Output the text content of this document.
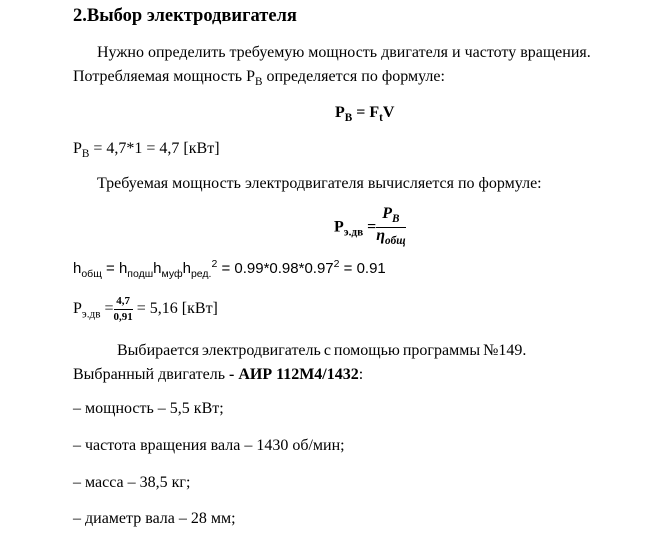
2.Выбор электродвигателя
Нужно определить требуемую мощность двигателя и частоту вращения.
Потребляемая мощность $Р_В$ определяется по формуле:
$P_B = F_tV$
$Р_В = 4,7*1 = 4,7$ [кВт]
Требуемая мощность электродвигателя вычисляется по формуле:
$Р_{э.дв} = \frac{P_B}{\eta_{общ}}$
$h_{общ} = h_{подш}h_{муф}h_{ред.}^2 = 0.99*0.98*0.97^2 = 0.91$
$Р_{э.дв} = \frac{4,7}{0,91} = 5,16$ [кВт]
Выбирается электродвигатель с помощью программы №149.
Выбранный двигатель - АИР 112М4/1432:
– мощность – 5,5 кВт;
– частота вращения вала – 1430 об/мин;
– масса – 38,5 кг;
– диаметр вала – 28 мм;
